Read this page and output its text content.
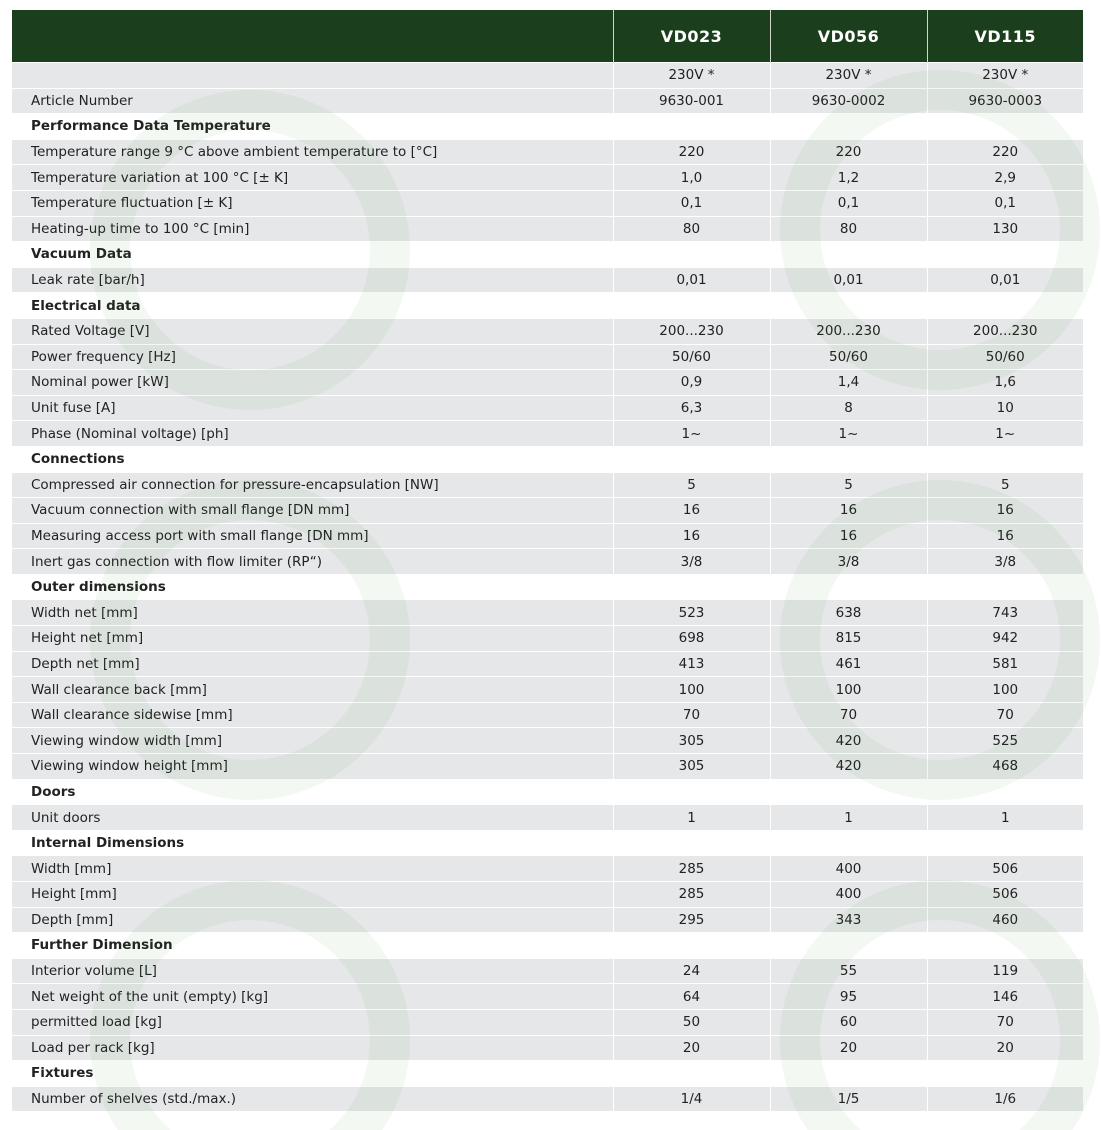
	VD023	VD056	VD115
	230V *	230V *	230V *
Article Number	9630-001	9630-0002	9630-0003
Performance Data Temperature			
Temperature range 9 °C above ambient temperature to [°C]	220	220	220
Temperature variation at 100 °C [± K]	1,0	1,2	2,9
Temperature fluctuation [± K]	0,1	0,1	0,1
Heating-up time to 100 °C [min]	80	80	130
Vacuum Data			
Leak rate [bar/h]	0,01	0,01	0,01
Electrical data			
Rated Voltage [V]	200...230	200...230	200...230
Power frequency [Hz]	50/60	50/60	50/60
Nominal power [kW]	0,9	1,4	1,6
Unit fuse [A]	6,3	8	10
Phase (Nominal voltage) [ph]	1~	1~	1~
Connections			
Compressed air connection for pressure-encapsulation [NW]	5	5	5
Vacuum connection with small flange [DN mm]	16	16	16
Measuring access port with small flange [DN mm]	16	16	16
Inert gas connection with flow limiter (RP“)	3/8	3/8	3/8
Outer dimensions			
Width net [mm]	523	638	743
Height net [mm]	698	815	942
Depth net [mm]	413	461	581
Wall clearance back [mm]	100	100	100
Wall clearance sidewise [mm]	70	70	70
Viewing window width [mm]	305	420	525
Viewing window height [mm]	305	420	468
Doors			
Unit doors	1	1	1
Internal Dimensions			
Width [mm]	285	400	506
Height [mm]	285	400	506
Depth [mm]	295	343	460
Further Dimension			
Interior volume [L]	24	55	119
Net weight of the unit (empty) [kg]	64	95	146
permitted load [kg]	50	60	70
Load per rack [kg]	20	20	20
Fixtures			
Number of shelves (std./max.)	1/4	1/5	1/6
